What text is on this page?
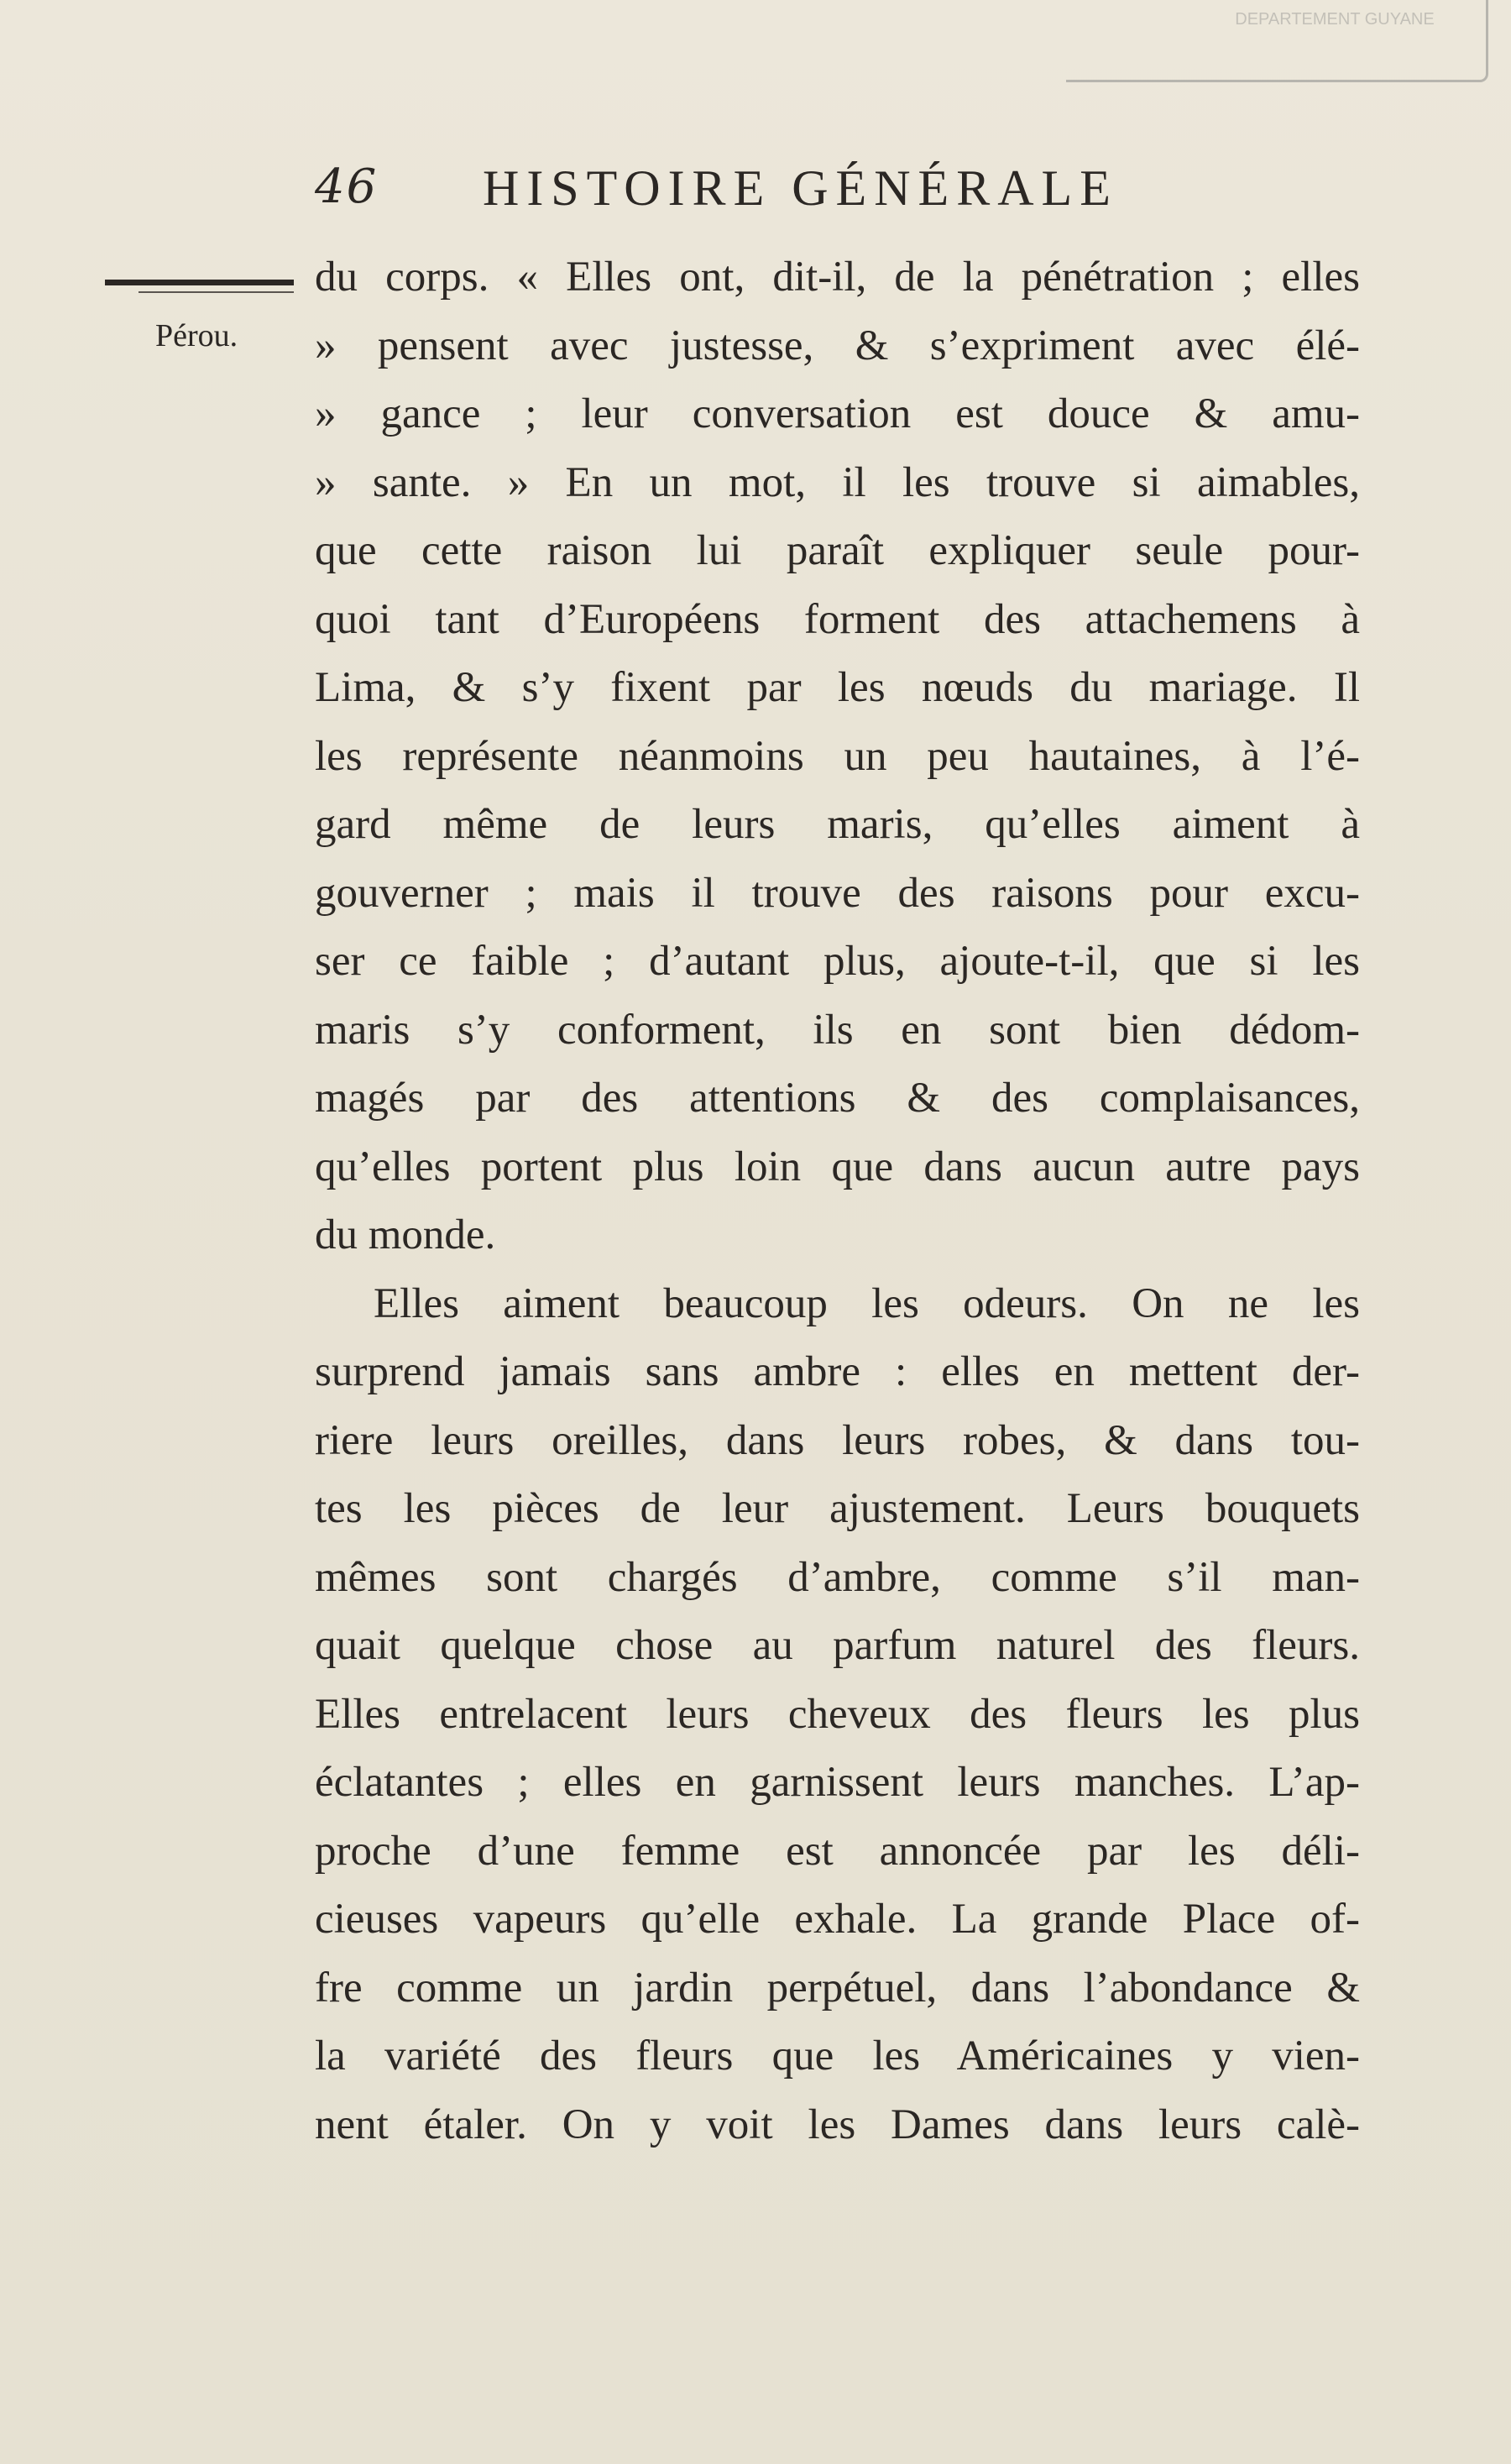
DEPARTEMENT GUYANE
46 HISTOIRE GÉNÉRALE
Pérou.
du corps. « Elles ont, dit-il, de la pénétration ; elles
» pensent avec justesse, & s’expriment avec élé-
» gance ; leur conversation est douce & amu-
» sante. » En un mot, il les trouve si aimables,
que cette raison lui paraît expliquer seule pour-
quoi tant d’Européens forment des attachemens à
Lima, & s’y fixent par les nœuds du mariage. Il
les représente néanmoins un peu hautaines, à l’é-
gard même de leurs maris, qu’elles aiment à
gouverner ; mais il trouve des raisons pour excu-
ser ce faible ; d’autant plus, ajoute-t-il, que si les
maris s’y conforment, ils en sont bien dédom-
magés par des attentions & des complaisances,
qu’elles portent plus loin que dans aucun autre pays
du monde.
Elles aiment beaucoup les odeurs. On ne les
surprend jamais sans ambre : elles en mettent der-
riere leurs oreilles, dans leurs robes, & dans tou-
tes les pièces de leur ajustement. Leurs bouquets
mêmes sont chargés d’ambre, comme s’il man-
quait quelque chose au parfum naturel des fleurs.
Elles entrelacent leurs cheveux des fleurs les plus
éclatantes ; elles en garnissent leurs manches. L’ap-
proche d’une femme est annoncée par les déli-
cieuses vapeurs qu’elle exhale. La grande Place of-
fre comme un jardin perpétuel, dans l’abondance &
la variété des fleurs que les Américaines y vien-
nent étaler. On y voit les Dames dans leurs calè-
